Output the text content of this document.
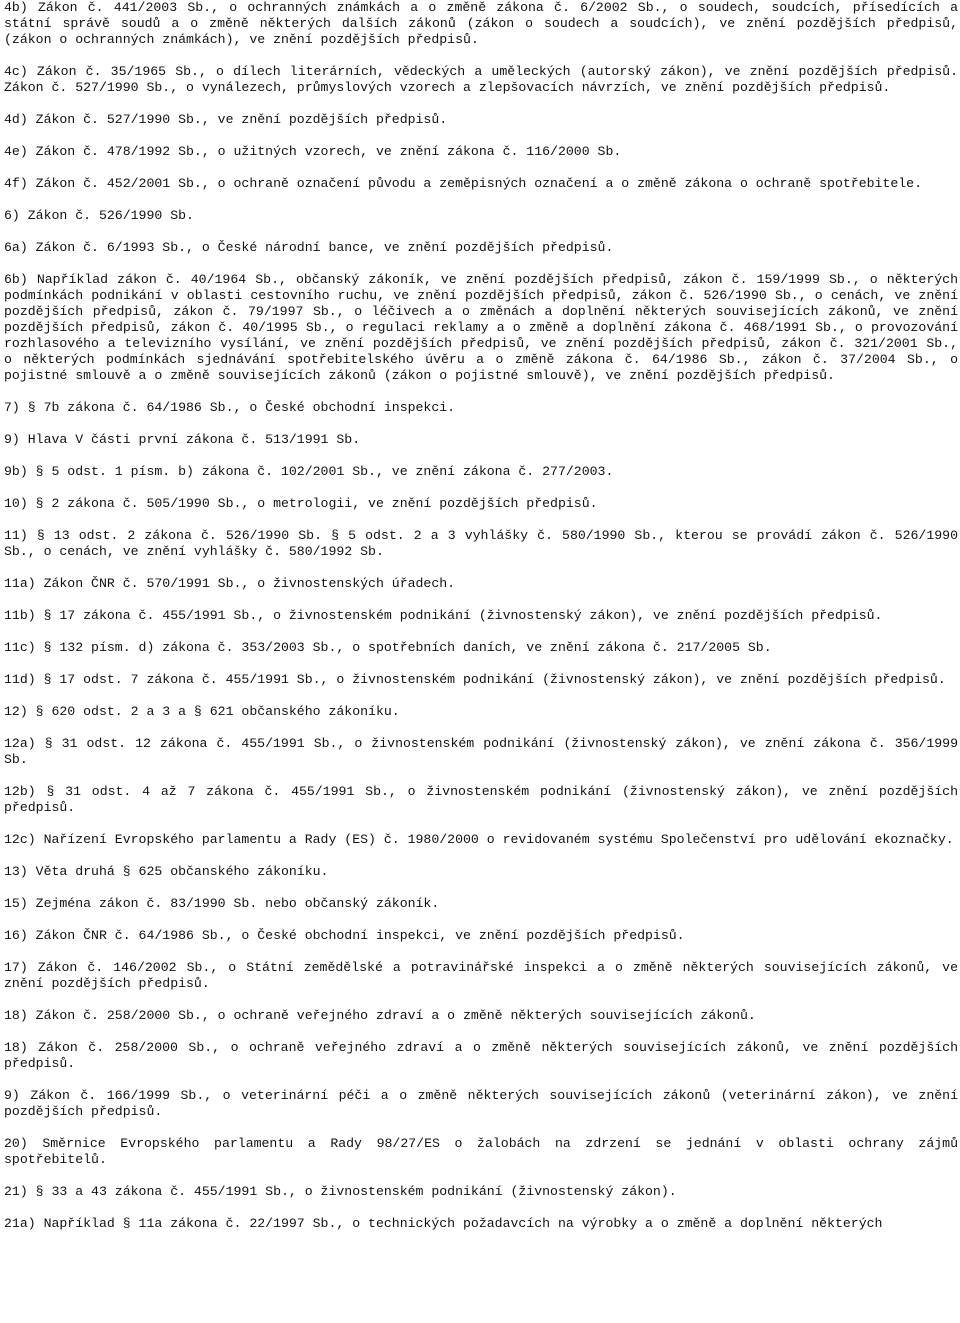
4b) Zákon č. 441/2003 Sb., o ochranných známkách a o změně zákona č. 6/2002 Sb., o soudech, soudcích, přísedících a státní správě soudů a o změně některých dalších zákonů (zákon o soudech a soudcích), ve znění pozdějších předpisů, (zákon o ochranných známkách), ve znění pozdějších předpisů.

4c) Zákon č. 35/1965 Sb., o dílech literárních, vědeckých a uměleckých (autorský zákon), ve znění pozdějších předpisů. Zákon č. 527/1990 Sb., o vynálezech, průmyslových vzorech a zlepšovacích návrzích, ve znění pozdějších předpisů.

4d) Zákon č. 527/1990 Sb., ve znění pozdějších předpisů.

4e) Zákon č. 478/1992 Sb., o užitných vzorech, ve znění zákona č. 116/2000 Sb.

4f) Zákon č. 452/2001 Sb., o ochraně označení původu a zeměpisných označení a o změně zákona o ochraně spotřebitele.

6) Zákon č. 526/1990 Sb.

6a) Zákon č. 6/1993 Sb., o České národní bance, ve znění pozdějších předpisů.

6b) Například zákon č. 40/1964 Sb., občanský zákoník, ve znění pozdějších předpisů, zákon č. 159/1999 Sb., o některých podmínkách podnikání v oblasti cestovního ruchu, ve znění pozdějších předpisů, zákon č. 526/1990 Sb., o cenách, ve znění pozdějších předpisů, zákon č. 79/1997 Sb., o léčivech a o změnách a doplnění některých souvisejících zákonů, ve znění pozdějších předpisů, zákon č. 40/1995 Sb., o regulaci reklamy a o změně a doplnění zákona č. 468/1991 Sb., o provozování rozhlasového a televizního vysílání, ve znění pozdějších předpisů, ve znění pozdějších předpisů, zákon č. 321/2001 Sb., o některých podmínkách sjednávání spotřebitelského úvěru a o změně zákona č. 64/1986 Sb., zákon č. 37/2004 Sb., o pojistné smlouvě a o změně souvisejících zákonů (zákon o pojistné smlouvě), ve znění pozdějších předpisů.

7) § 7b zákona č. 64/1986 Sb., o České obchodní inspekci.

9) Hlava V části první zákona č. 513/1991 Sb.

9b) § 5 odst. 1 písm. b) zákona č. 102/2001 Sb., ve znění zákona č. 277/2003.

10) § 2 zákona č. 505/1990 Sb., o metrologii, ve znění pozdějších předpisů.

11) § 13 odst. 2 zákona č. 526/1990 Sb. § 5 odst. 2 a 3 vyhlášky č. 580/1990 Sb., kterou se provádí zákon č. 526/1990 Sb., o cenách, ve znění vyhlášky č. 580/1992 Sb.

11a) Zákon ČNR č. 570/1991 Sb., o živnostenských úřadech.

11b) § 17 zákona č. 455/1991 Sb., o živnostenském podnikání (živnostenský zákon), ve znění pozdějších předpisů.

11c) § 132 písm. d) zákona č. 353/2003 Sb., o spotřebních daních, ve znění zákona č. 217/2005 Sb.

11d) § 17 odst. 7 zákona č. 455/1991 Sb., o živnostenském podnikání (živnostenský zákon), ve znění pozdějších předpisů.

12) § 620 odst. 2 a 3 a § 621 občanského zákoníku.

12a) § 31 odst. 12 zákona č. 455/1991 Sb., o živnostenském podnikání (živnostenský zákon), ve znění zákona č. 356/1999 Sb.

12b) § 31 odst. 4 až 7 zákona č. 455/1991 Sb., o živnostenském podnikání (živnostenský zákon), ve znění pozdějších předpisů.

12c) Nařízení Evropského parlamentu a Rady (ES) č. 1980/2000 o revidovaném systému Společenství pro udělování ekoznačky.

13) Věta druhá § 625 občanského zákoníku.

15) Zejména zákon č. 83/1990 Sb. nebo občanský zákoník.

16) Zákon ČNR č. 64/1986 Sb., o České obchodní inspekci, ve znění pozdějších předpisů.

17) Zákon č. 146/2002 Sb., o Státní zemědělské a potravinářské inspekci a o změně některých souvisejících zákonů, ve znění pozdějších předpisů.

18) Zákon č. 258/2000 Sb., o ochraně veřejného zdraví a o změně některých souvisejících zákonů.

18) Zákon č. 258/2000 Sb., o ochraně veřejného zdraví a o změně některých souvisejících zákonů, ve znění pozdějších předpisů.

9) Zákon č. 166/1999 Sb., o veterinární péči a o změně některých souvisejících zákonů (veterinární zákon), ve znění pozdějších předpisů.

20) Směrnice Evropského parlamentu a Rady 98/27/ES o žalobách na zdrzení se jednání v oblasti ochrany zájmů spotřebitelů.

21) § 33 a 43 zákona č. 455/1991 Sb., o živnostenském podnikání (živnostenský zákon).

21a) Například § 11a zákona č. 22/1997 Sb., o technických požadavcích na výrobky a o změně a doplnění některých
